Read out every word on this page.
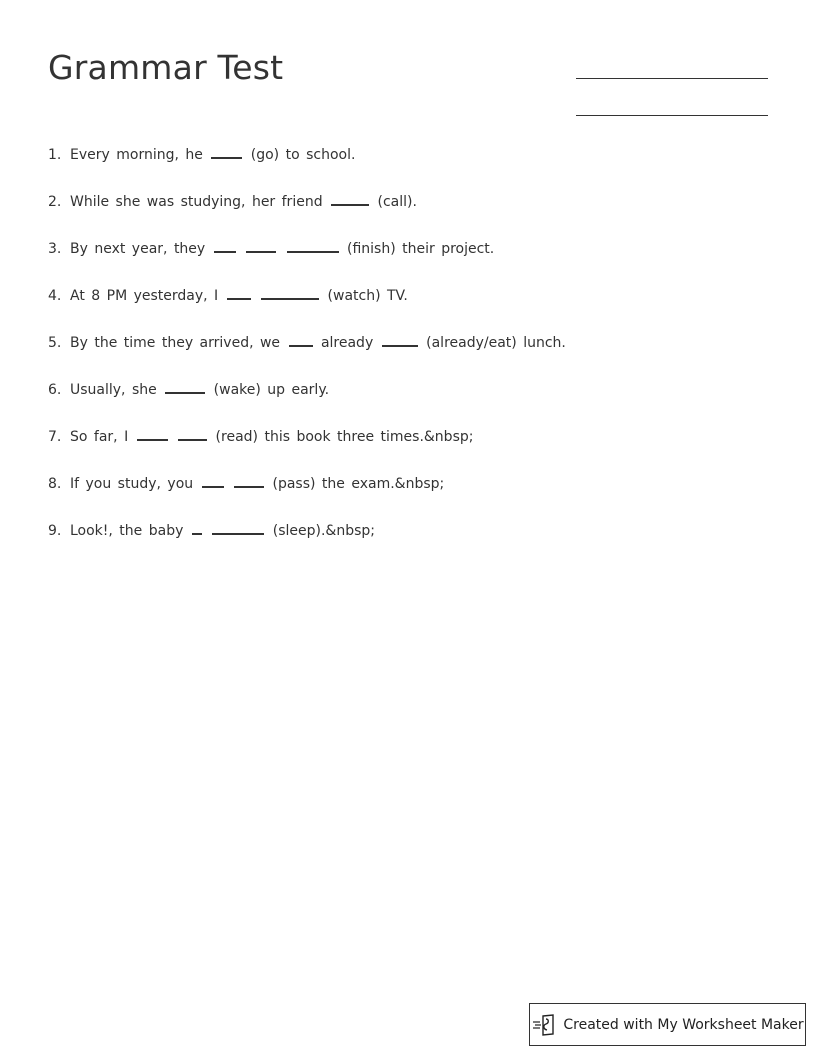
Grammar Test
1. Every morning, he	(go) to school.
2. While she was studying, her friend	(call).
3. By next year, they	(finish) their project.
4. At 8 PM yesterday, I	(watch) TV.
5. By the time they arrived, we  already	(already/eat) lunch.
6. Usually, she	(wake) up early.
7. So far, I	(read) this book three times.&nbsp;
8. If you study, you	(pass) the exam.&nbsp;
9. Look!, the baby	(sleep).&nbsp;
Created with My Worksheet Maker
